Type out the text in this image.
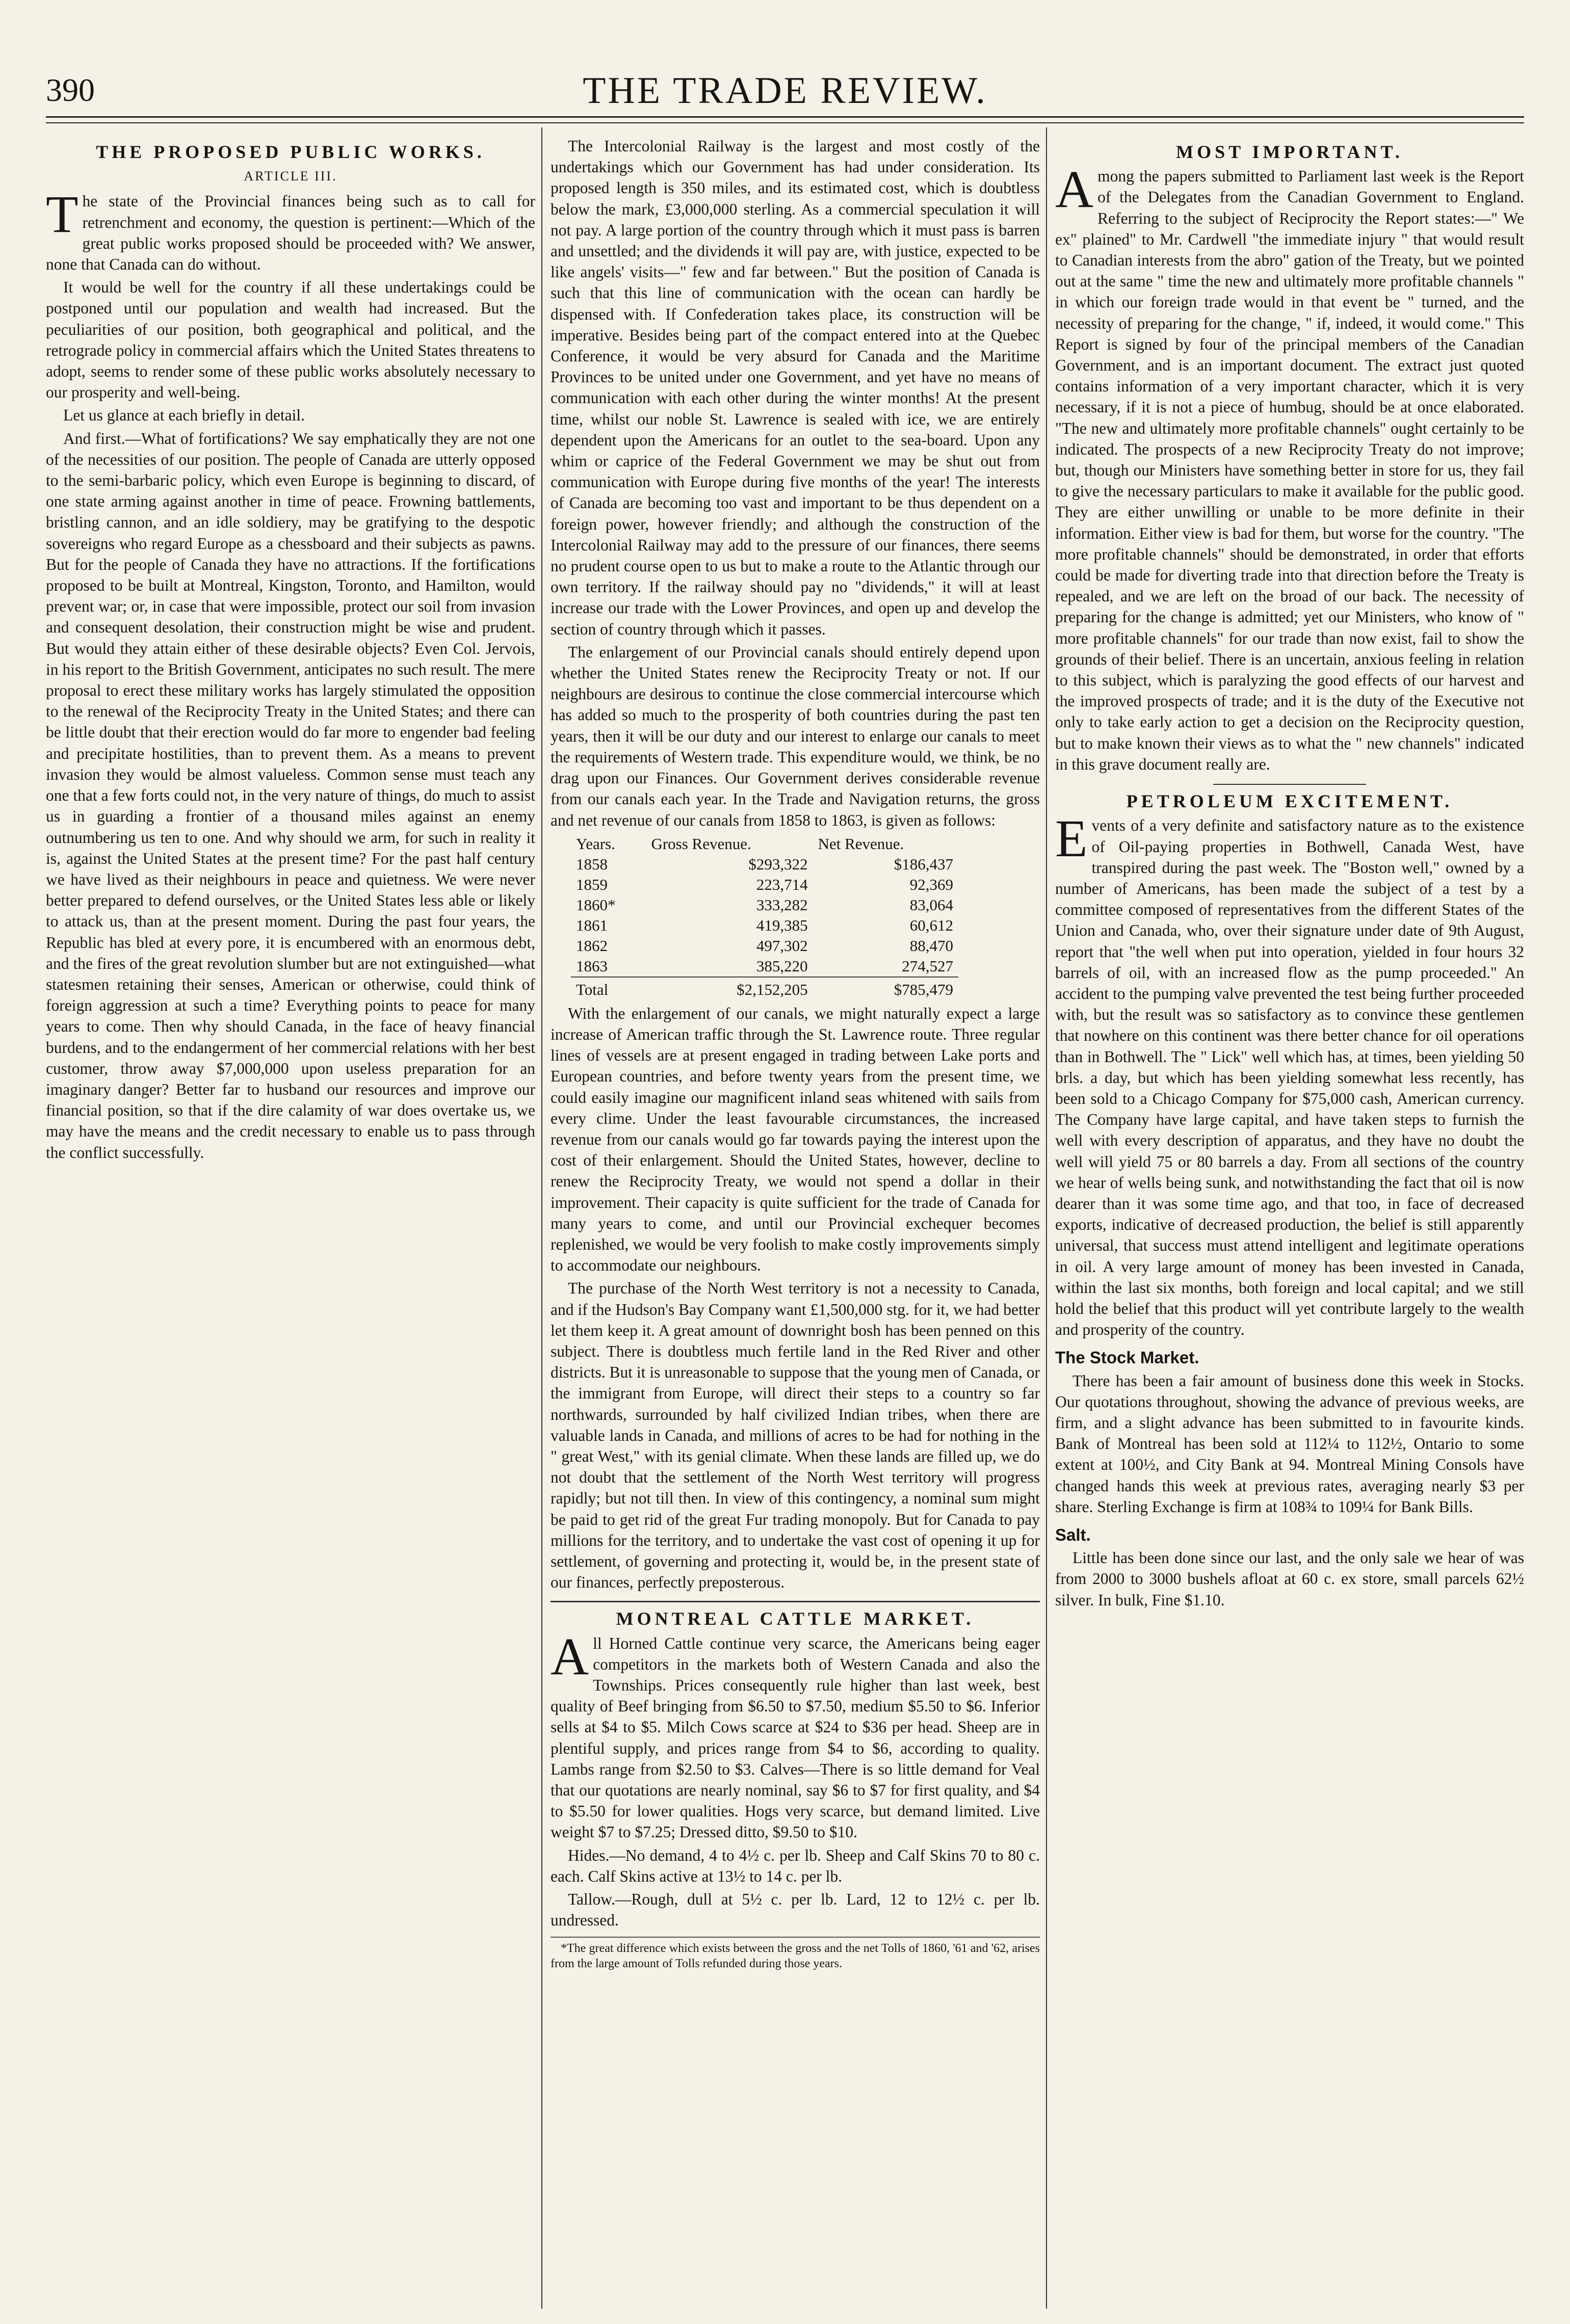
390	THE TRADE REVIEW.
THE PROPOSED PUBLIC WORKS.
ARTICLE III.

The state of the Provincial finances being such as to call for retrenchment and economy, the question is pertinent:—Which of the great public works proposed should be proceeded with? We answer, none that Canada can do without.

It would be well for the country if all these undertakings could be postponed until our population and wealth had increased. But the peculiarities of our position, both geographical and political, and the retrograde policy in commercial affairs which the United States threatens to adopt, seems to render some of these public works absolutely necessary to our prosperity and well-being.

Let us glance at each briefly in detail.

And first.—What of fortifications? We say emphatically they are not one of the necessities of our position. The people of Canada are utterly opposed to the semi-barbaric policy, which even Europe is beginning to discard, of one state arming against another in time of peace. Frowning battlements, bristling cannon, and an idle soldiery, may be gratifying to the despotic sovereigns who regard Europe as a chessboard and their subjects as pawns. But for the people of Canada they have no attractions. If the fortifications proposed to be built at Montreal, Kingston, Toronto, and Hamilton, would prevent war; or, in case that were impossible, protect our soil from invasion and consequent desolation, their construction might be wise and prudent. But would they attain either of these desirable objects? Even Col. Jervois, in his report to the British Government, anticipates no such result. The mere proposal to erect these military works has largely stimulated the opposition to the renewal of the Reciprocity Treaty in the United States; and there can be little doubt that their erection would do far more to engender bad feeling and precipitate hostilities, than to prevent them. As a means to prevent invasion they would be almost valueless. Common sense must teach any one that a few forts could not, in the very nature of things, do much to assist us in guarding a frontier of a thousand miles against an enemy outnumbering us ten to one. And why should we arm, for such in reality it is, against the United States at the present time? For the past half century we have lived as their neighbours in peace and quietness. We were never better prepared to defend ourselves, or the United States less able or likely to attack us, than at the present moment. During the past four years, the Republic has bled at every pore, it is encumbered with an enormous debt, and the fires of the great revolution slumber but are not extinguished—what statesmen retaining their senses, American or otherwise, could think of foreign aggression at such a time? Everything points to peace for many years to come. Then why should Canada, in the face of heavy financial burdens, and to the endangerment of her commercial relations with her best customer, throw away $7,000,000 upon useless preparation for an imaginary danger? Better far to husband our resources and improve our financial position, so that if the dire calamity of war does overtake us, we may have the means and the credit necessary to enable us to pass through the conflict successfully.

The Intercolonial Railway is the largest and most costly of the undertakings which our Government has had under consideration. Its proposed length is 350 miles, and its estimated cost, which is doubtless below the mark, £3,000,000 sterling. As a commercial speculation it will not pay. A large portion of the country through which it must pass is barren and unsettled; and the dividends it will pay are, with justice, expected to be like angels' visits—" few and far between." But the position of Canada is such that this line of communication with the ocean can hardly be dispensed with. If Confederation takes place, its construction will be imperative. Besides being part of the compact entered into at the Quebec Conference, it would be very absurd for Canada and the Maritime Provinces to be united under one Government, and yet have no means of communication with each other during the winter months! At the present time, whilst our noble St. Lawrence is sealed with ice, we are entirely dependent upon the Americans for an outlet to the sea-board. Upon any whim or caprice of the Federal Government we may be shut out from communication with Europe during five months of the year! The interests of Canada are becoming too vast and important to be thus dependent on a foreign power, however friendly; and although the construction of the Intercolonial Railway may add to the pressure of our finances, there seems no prudent course open to us but to make a route to the Atlantic through our own territory. If the railway should pay no "dividends," it will at least increase our trade with the Lower Provinces, and open up and develop the section of country through which it passes.

The enlargement of our Provincial canals should entirely depend upon whether the United States renew the Reciprocity Treaty or not. If our neighbours are desirous to continue the close commercial intercourse which has added so much to the prosperity of both countries during the past ten years, then it will be our duty and our interest to enlarge our canals to meet the requirements of Western trade. This expenditure would, we think, be no drag upon our Finances. Our Government derives considerable revenue from our canals each year. In the Trade and Navigation returns, the gross and net revenue of our canals from 1858 to 1863, is given as follows:

Years.	Gross Revenue.	Net Revenue.
1858	$293,322	$186,437
1859	223,714	92,369
1860*	333,282	83,064
1861	419,385	60,612
1862	497,302	88,470
1863	385,220	274,527
Total	$2,152,205	$785,479

With the enlargement of our canals, we might naturally expect a large increase of American traffic through the St. Lawrence route. Three regular lines of vessels are at present engaged in trading between Lake ports and European countries, and before twenty years from the present time, we could easily imagine our magnificent inland seas whitened with sails from every clime. Under the least favourable circumstances, the increased revenue from our canals would go far towards paying the interest upon the cost of their enlargement. Should the United States, however, decline to renew the Reciprocity Treaty, we would not spend a dollar in their improvement. Their capacity is quite sufficient for the trade of Canada for many years to come, and until our Provincial exchequer becomes replenished, we would be very foolish to make costly improvements simply to accommodate our neighbours.

The purchase of the North West territory is not a necessity to Canada, and if the Hudson's Bay Company want £1,500,000 stg. for it, we had better let them keep it. A great amount of downright bosh has been penned on this subject. There is doubtless much fertile land in the Red River and other districts. But it is unreasonable to suppose that the young men of Canada, or the immigrant from Europe, will direct their steps to a country so far northwards, surrounded by half civilized Indian tribes, when there are valuable lands in Canada, and millions of acres to be had for nothing in the " great West," with its genial climate. When these lands are filled up, we do not doubt that the settlement of the North West territory will progress rapidly; but not till then. In view of this contingency, a nominal sum might be paid to get rid of the great Fur trading monopoly. But for Canada to pay millions for the territory, and to undertake the vast cost of opening it up for settlement, of governing and protecting it, would be, in the present state of our finances, perfectly preposterous.

MONTREAL CATTLE MARKET.

All Horned Cattle continue very scarce, the Americans being eager competitors in the markets both of Western Canada and also the Townships. Prices consequently rule higher than last week, best quality of Beef bringing from $6.50 to $7.50, medium $5.50 to $6. Inferior sells at $4 to $5. Milch Cows scarce at $24 to $36 per head. Sheep are in plentiful supply, and prices range from $4 to $6, according to quality. Lambs range from $2.50 to $3. Calves—There is so little demand for Veal that our quotations are nearly nominal, say $6 to $7 for first quality, and $4 to $5.50 for lower qualities. Hogs very scarce, but demand limited. Live weight $7 to $7.25; Dressed ditto, $9.50 to $10.

Hides.—No demand, 4 to 4½ c. per lb. Sheep and Calf Skins 70 to 80 c. each. Calf Skins active at 13½ to 14 c. per lb.

Tallow.—Rough, dull at 5½ c. per lb. Lard, 12 to 12½ c. per lb. undressed.

*The great difference which exists between the gross and the net Tolls of 1860, '61 and '62, arises from the large amount of Tolls refunded during those years.

MOST IMPORTANT.

Among the papers submitted to Parliament last week is the Report of the Delegates from the Canadian Government to England. Referring to the subject of Reciprocity the Report states:—" We ex" plained" to Mr. Cardwell "the immediate injury " that would result to Canadian interests from the abro" gation of the Treaty, but we pointed out at the same " time the new and ultimately more profitable channels " in which our foreign trade would in that event be " turned, and the necessity of preparing for the change, " if, indeed, it would come." This Report is signed by four of the principal members of the Canadian Government, and is an important document. The extract just quoted contains information of a very important character, which it is very necessary, if it is not a piece of humbug, should be at once elaborated. "The new and ultimately more profitable channels" ought certainly to be indicated. The prospects of a new Reciprocity Treaty do not improve; but, though our Ministers have something better in store for us, they fail to give the necessary particulars to make it available for the public good. They are either unwilling or unable to be more definite in their information. Either view is bad for them, but worse for the country. "The more profitable channels" should be demonstrated, in order that efforts could be made for diverting trade into that direction before the Treaty is repealed, and we are left on the broad of our back. The necessity of preparing for the change is admitted; yet our Ministers, who know of " more profitable channels" for our trade than now exist, fail to show the grounds of their belief. There is an uncertain, anxious feeling in relation to this subject, which is paralyzing the good effects of our harvest and the improved prospects of trade; and it is the duty of the Executive not only to take early action to get a decision on the Reciprocity question, but to make known their views as to what the " new channels" indicated in this grave document really are.

PETROLEUM EXCITEMENT.

Events of a very definite and satisfactory nature as to the existence of Oil-paying properties in Bothwell, Canada West, have transpired during the past week. The "Boston well," owned by a number of Americans, has been made the subject of a test by a committee composed of representatives from the different States of the Union and Canada, who, over their signature under date of 9th August, report that "the well when put into operation, yielded in four hours 32 barrels of oil, with an increased flow as the pump proceeded." An accident to the pumping valve prevented the test being further proceeded with, but the result was so satisfactory as to convince these gentlemen that nowhere on this continent was there better chance for oil operations than in Bothwell. The " Lick" well which has, at times, been yielding 50 brls. a day, but which has been yielding somewhat less recently, has been sold to a Chicago Company for $75,000 cash, American currency. The Company have large capital, and have taken steps to furnish the well with every description of apparatus, and they have no doubt the well will yield 75 or 80 barrels a day. From all sections of the country we hear of wells being sunk, and notwithstanding the fact that oil is now dearer than it was some time ago, and that too, in face of decreased exports, indicative of decreased production, the belief is still apparently universal, that success must attend intelligent and legitimate operations in oil. A very large amount of money has been invested in Canada, within the last six months, both foreign and local capital; and we still hold the belief that this product will yet contribute largely to the wealth and prosperity of the country.

The Stock Market.

There has been a fair amount of business done this week in Stocks. Our quotations throughout, showing the advance of previous weeks, are firm, and a slight advance has been submitted to in favourite kinds. Bank of Montreal has been sold at 112¼ to 112½, Ontario to some extent at 100½, and City Bank at 94. Montreal Mining Consols have changed hands this week at previous rates, averaging nearly $3 per share. Sterling Exchange is firm at 108¾ to 109¼ for Bank Bills.

Salt.

Little has been done since our last, and the only sale we hear of was from 2000 to 3000 bushels afloat at 60 c. ex store, small parcels 62½ silver. In bulk, Fine $1.10.
